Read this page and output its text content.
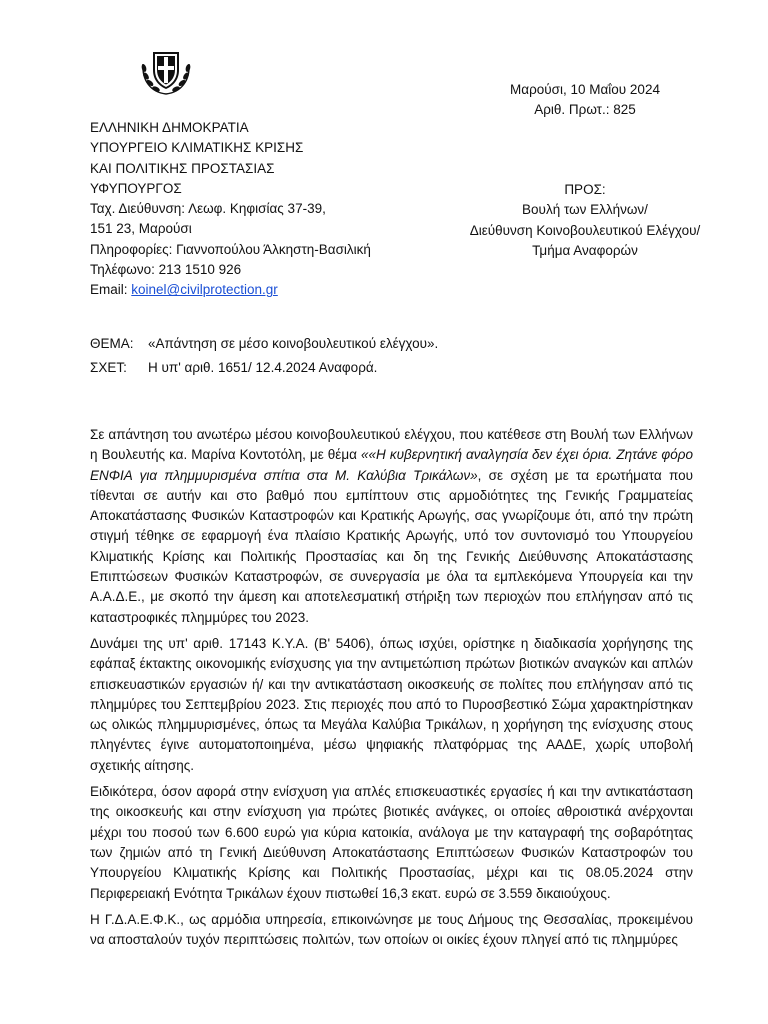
Μαρούσι, 10 Μαΐου 2024
Αριθ. Πρωτ.: 825
ΕΛΛΗΝΙΚΗ ΔΗΜΟΚΡΑΤΙΑ
ΥΠΟΥΡΓΕΙΟ ΚΛΙΜΑΤΙΚΗΣ ΚΡΙΣΗΣ
ΚΑΙ ΠΟΛΙΤΙΚΗΣ ΠΡΟΣΤΑΣΙΑΣ
ΥΦΥΠΟΥΡΓΟΣ
Ταχ. Διεύθυνση: Λεωφ. Κηφισίας 37-39,
151 23, Μαρούσι
Πληροφορίες: Γιαννοπούλου Άλκηστη-Βασιλική
Τηλέφωνο: 213 1510 926
Email: koinel@civilprotection.gr
ΠΡΟΣ:
Βουλή των Ελλήνων/
Διεύθυνση Κοινοβουλευτικού Ελέγχου/
Τμήμα Αναφορών
ΘΕΜΑ:	«Απάντηση σε μέσο κοινοβουλευτικού ελέγχου».
ΣΧΕΤ:	Η υπ' αριθ. 1651/ 12.4.2024 Αναφορά.

Σε απάντηση του ανωτέρω μέσου κοινοβουλευτικού ελέγχου, που κατέθεσε στη Βουλή των Ελλήνων η Βουλευτής κα. Μαρίνα Κοντοτόλη, με θέμα ««Η κυβερνητική αναλγησία δεν έχει όρια. Ζητάνε φόρο ΕΝΦΙΑ για πλημμυρισμένα σπίτια στα Μ. Καλύβια Τρικάλων», σε σχέση με τα ερωτήματα που τίθενται σε αυτήν και στο βαθμό που εμπίπτουν στις αρμοδιότητες της Γενικής Γραμματείας Αποκατάστασης Φυσικών Καταστροφών και Κρατικής Αρωγής, σας γνωρίζουμε ότι, από την πρώτη στιγμή τέθηκε σε εφαρμογή ένα πλαίσιο Κρατικής Αρωγής, υπό τον συντονισμό του Υπουργείου Κλιματικής Κρίσης και Πολιτικής Προστασίας και δη της Γενικής Διεύθυνσης Αποκατάστασης Επιπτώσεων Φυσικών Καταστροφών, σε συνεργασία με όλα τα εμπλεκόμενα Υπουργεία και την Α.Α.Δ.Ε., με σκοπό την άμεση και αποτελεσματική στήριξη των περιοχών που επλήγησαν από τις καταστροφικές πλημμύρες του 2023.

Δυνάμει της υπ' αριθ. 17143 Κ.Υ.Α. (Β' 5406), όπως ισχύει, ορίστηκε η διαδικασία χορήγησης της εφάπαξ έκτακτης οικονομικής ενίσχυσης για την αντιμετώπιση πρώτων βιοτικών αναγκών και απλών επισκευαστικών εργασιών ή/ και την αντικατάσταση οικοσκευής σε πολίτες που επλήγησαν από τις πλημμύρες του Σεπτεμβρίου 2023. Στις περιοχές που από το Πυροσβεστικό Σώμα χαρακτηρίστηκαν ως ολικώς πλημμυρισμένες, όπως τα Μεγάλα Καλύβια Τρικάλων, η χορήγηση της ενίσχυσης στους πληγέντες έγινε αυτοματοποιημένα, μέσω ψηφιακής πλατφόρμας της ΑΑΔΕ, χωρίς υποβολή σχετικής αίτησης.

Ειδικότερα, όσον αφορά στην ενίσχυση για απλές επισκευαστικές εργασίες ή και την αντικατάσταση της οικοσκευής και στην ενίσχυση για πρώτες βιοτικές ανάγκες, οι οποίες αθροιστικά ανέρχονται μέχρι του ποσού των 6.600 ευρώ για κύρια κατοικία, ανάλογα με την καταγραφή της σοβαρότητας των ζημιών από τη Γενική Διεύθυνση Αποκατάστασης Επιπτώσεων Φυσικών Καταστροφών του Υπουργείου Κλιματικής Κρίσης και Πολιτικής Προστασίας, μέχρι και τις 08.05.2024 στην Περιφερειακή Ενότητα Τρικάλων έχουν πιστωθεί 16,3 εκατ. ευρώ σε 3.559 δικαιούχους.

Η Γ.Δ.Α.Ε.Φ.Κ., ως αρμόδια υπηρεσία, επικοινώνησε με τους Δήμους της Θεσσαλίας, προκειμένου να αποσταλούν τυχόν περιπτώσεις πολιτών, των οποίων οι οικίες έχουν πληγεί από τις πλημμύρες
